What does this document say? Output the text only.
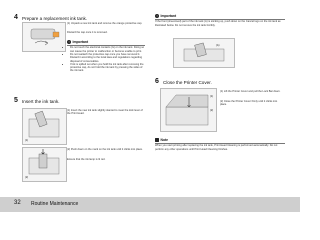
4 Prepare a replacement ink tank.
(1) Unpack a new ink tank and remove the orange protective cap.
Discard the cap once it is removed.
! Important
• Do not touch the electrical contacts (G) on the ink tank. Doing so can cause the printer to malfunction or become unable to print.
• Do not reattach the protective cap once you have removed it. Discard it according to the local laws and regulations regarding disposal of consumables.
• If ink is spilled out when you hold the ink tank after removing the protective cap, do not hold the ink tank by pressing the sides of the ink tank.
5 Insert the ink tank.
(1)
(1) Insert the new ink tank slightly slanted to meet the lock lever of the Print Head.
(2)
(2) Push down on the mark on the ink tank until it clicks into place.
Ensure that the ink lamp is lit red.
! Important
If the front (sheet-feed) part of the ink tank (A) is sticking up, push down on the Cancel logo on the ink tank as illustrated below. Do not remove the ink tank forcibly.
(A)
6 Close the Printer Cover.
(1)
(2)
(1) Lift the Printer Cover and pull the Lock Bar down.
(2) Close the Printer Cover firmly until it clicks into place.
Note
When you start printing after replacing the ink tank, Print Head Cleaning is performed automatically. Do not perform any other operations until Print Head Cleaning finishes.
32 Routine Maintenance
